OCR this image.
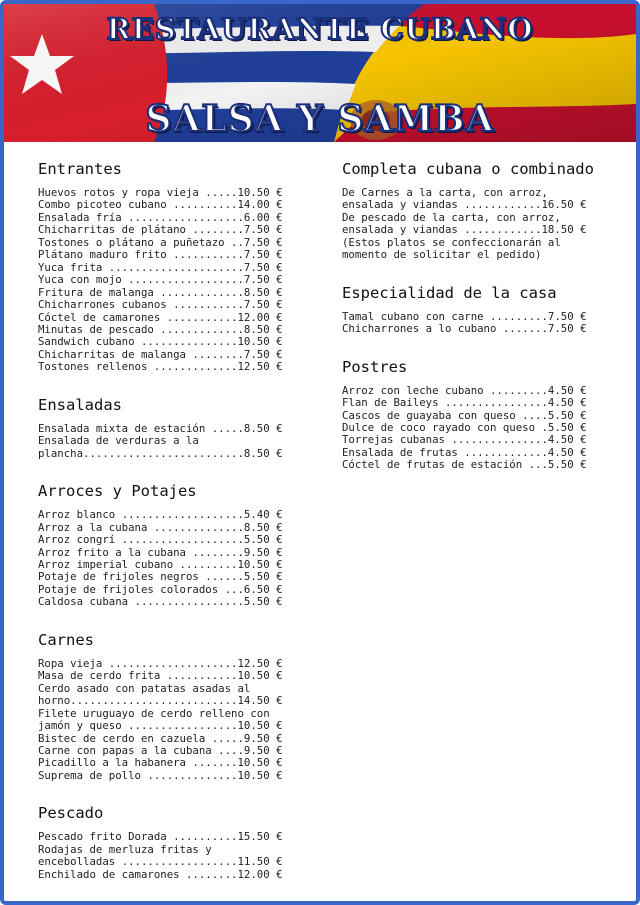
RESTAURANTE CUBANO
SALSA Y SAMBA
Entrantes
Huevos rotos y ropa vieja .....10.50 €
Combo picoteo cubano ..........14.00 €
Ensalada fría ..................6.00 €
Chicharritas de plátano ........7.50 €
Tostones o plátano a puñetazo ..7.50 €
Plátano maduro frito ...........7.50 €
Yuca frita .....................7.50 €
Yuca con mojo ..................7.50 €
Fritura de malanga .............8.50 €
Chicharrones cubanos ...........7.50 €
Cóctel de camarones ...........12.00 €
Minutas de pescado .............8.50 €
Sandwich cubano ...............10.50 €
Chicharritas de malanga ........7.50 €
Tostones rellenos .............12.50 €
Ensaladas
Ensalada mixta de estación .....8.50 €
Ensalada de verduras a la
plancha.........................8.50 €
Arroces y Potajes
Arroz blanco ...................5.40 €
Arroz a la cubana ..............8.50 €
Arroz congrí ...................5.50 €
Arroz frito a la cubana ........9.50 €
Arroz imperial cubano .........10.50 €
Potaje de frijoles negros ......5.50 €
Potaje de frijoles colorados ...6.50 €
Caldosa cubana .................5.50 €
Carnes
Ropa vieja ....................12.50 €
Masa de cerdo frita ...........10.50 €
Cerdo asado con patatas asadas al
horno..........................14.50 €
Filete uruguayo de cerdo relleno con
jamón y queso .................10.50 €
Bistec de cerdo en cazuela .....9.50 €
Carne con papas a la cubana ....9.50 €
Picadillo a la habanera .......10.50 €
Suprema de pollo ..............10.50 €
Pescado
Pescado frito Dorada ..........15.50 €
Rodajas de merluza fritas y
encebolladas ..................11.50 €
Enchilado de camarones ........12.00 €
Completa cubana o combinado
De Carnes a la carta, con arroz,
ensalada y viandas ............16.50 €
De pescado de la carta, con arroz,
ensalada y viandas ............18.50 €
(Estos platos se confeccionarán al
momento de solicitar el pedido)
Especialidad de la casa
Tamal cubano con carne .........7.50 €
Chicharrones a lo cubano .......7.50 €
Postres
Arroz con leche cubano .........4.50 €
Flan de Baileys ................4.50 €
Cascos de guayaba con queso ....5.50 €
Dulce de coco rayado con queso .5.50 €
Torrejas cubanas ...............4.50 €
Ensalada de frutas .............4.50 €
Cóctel de frutas de estación ...5.50 €
